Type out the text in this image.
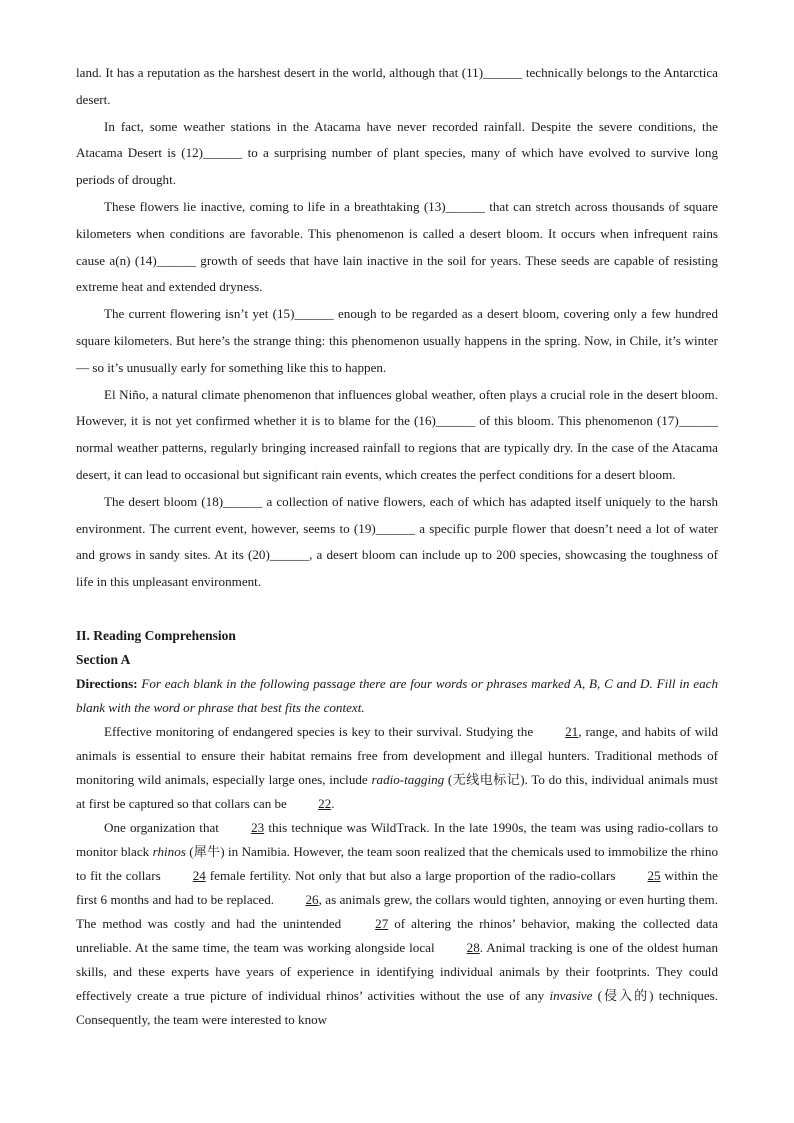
land. It has a reputation as the harshest desert in the world, although that (11)______ technically belongs to the Antarctica desert.

In fact, some weather stations in the Atacama have never recorded rainfall. Despite the severe conditions, the Atacama Desert is (12)______ to a surprising number of plant species, many of which have evolved to survive long periods of drought.

These flowers lie inactive, coming to life in a breathtaking (13)______ that can stretch across thousands of square kilometers when conditions are favorable. This phenomenon is called a desert bloom. It occurs when infrequent rains cause a(n) (14)______ growth of seeds that have lain inactive in the soil for years. These seeds are capable of resisting extreme heat and extended dryness.

The current flowering isn’t yet (15)______ enough to be regarded as a desert bloom, covering only a few hundred square kilometers. But here’s the strange thing: this phenomenon usually happens in the spring. Now, in Chile, it’s winter — so it’s unusually early for something like this to happen.

El Niño, a natural climate phenomenon that influences global weather, often plays a crucial role in the desert bloom. However, it is not yet confirmed whether it is to blame for the (16)______ of this bloom. This phenomenon (17)______ normal weather patterns, regularly bringing increased rainfall to regions that are typically dry. In the case of the Atacama desert, it can lead to occasional but significant rain events, which creates the perfect conditions for a desert bloom.

The desert bloom (18)______ a collection of native flowers, each of which has adapted itself uniquely to the harsh environment. The current event, however, seems to (19)______ a specific purple flower that doesn’t need a lot of water and grows in sandy sites. At its (20)______, a desert bloom can include up to 200 species, showcasing the toughness of life in this unpleasant environment.

II. Reading Comprehension

Section A

Directions: For each blank in the following passage there are four words or phrases marked A, B, C and D. Fill in each blank with the word or phrase that best fits the context.

Effective monitoring of endangered species is key to their survival. Studying the 21, range, and habits of wild animals is essential to ensure their habitat remains free from development and illegal hunters. Traditional methods of monitoring wild animals, especially large ones, include radio-tagging (无线电标记). To do this, individual animals must at first be captured so that collars can be 22.

One organization that 23 this technique was WildTrack. In the late 1990s, the team was using radio-collars to monitor black rhinos (犀牛) in Namibia. However, the team soon realized that the chemicals used to immobilize the rhino to fit the collars 24 female fertility. Not only that but also a large proportion of the radio-collars 25 within the first 6 months and had to be replaced. 26, as animals grew, the collars would tighten, annoying or even hurting them. The method was costly and had the unintended 27 of altering the rhinos’ behavior, making the collected data unreliable. At the same time, the team was working alongside local 28. Animal tracking is one of the oldest human skills, and these experts have years of experience in identifying individual animals by their footprints. They could effectively create a true picture of individual rhinos’ activities without the use of any invasive (侵入的) techniques. Consequently, the team were interested to know
